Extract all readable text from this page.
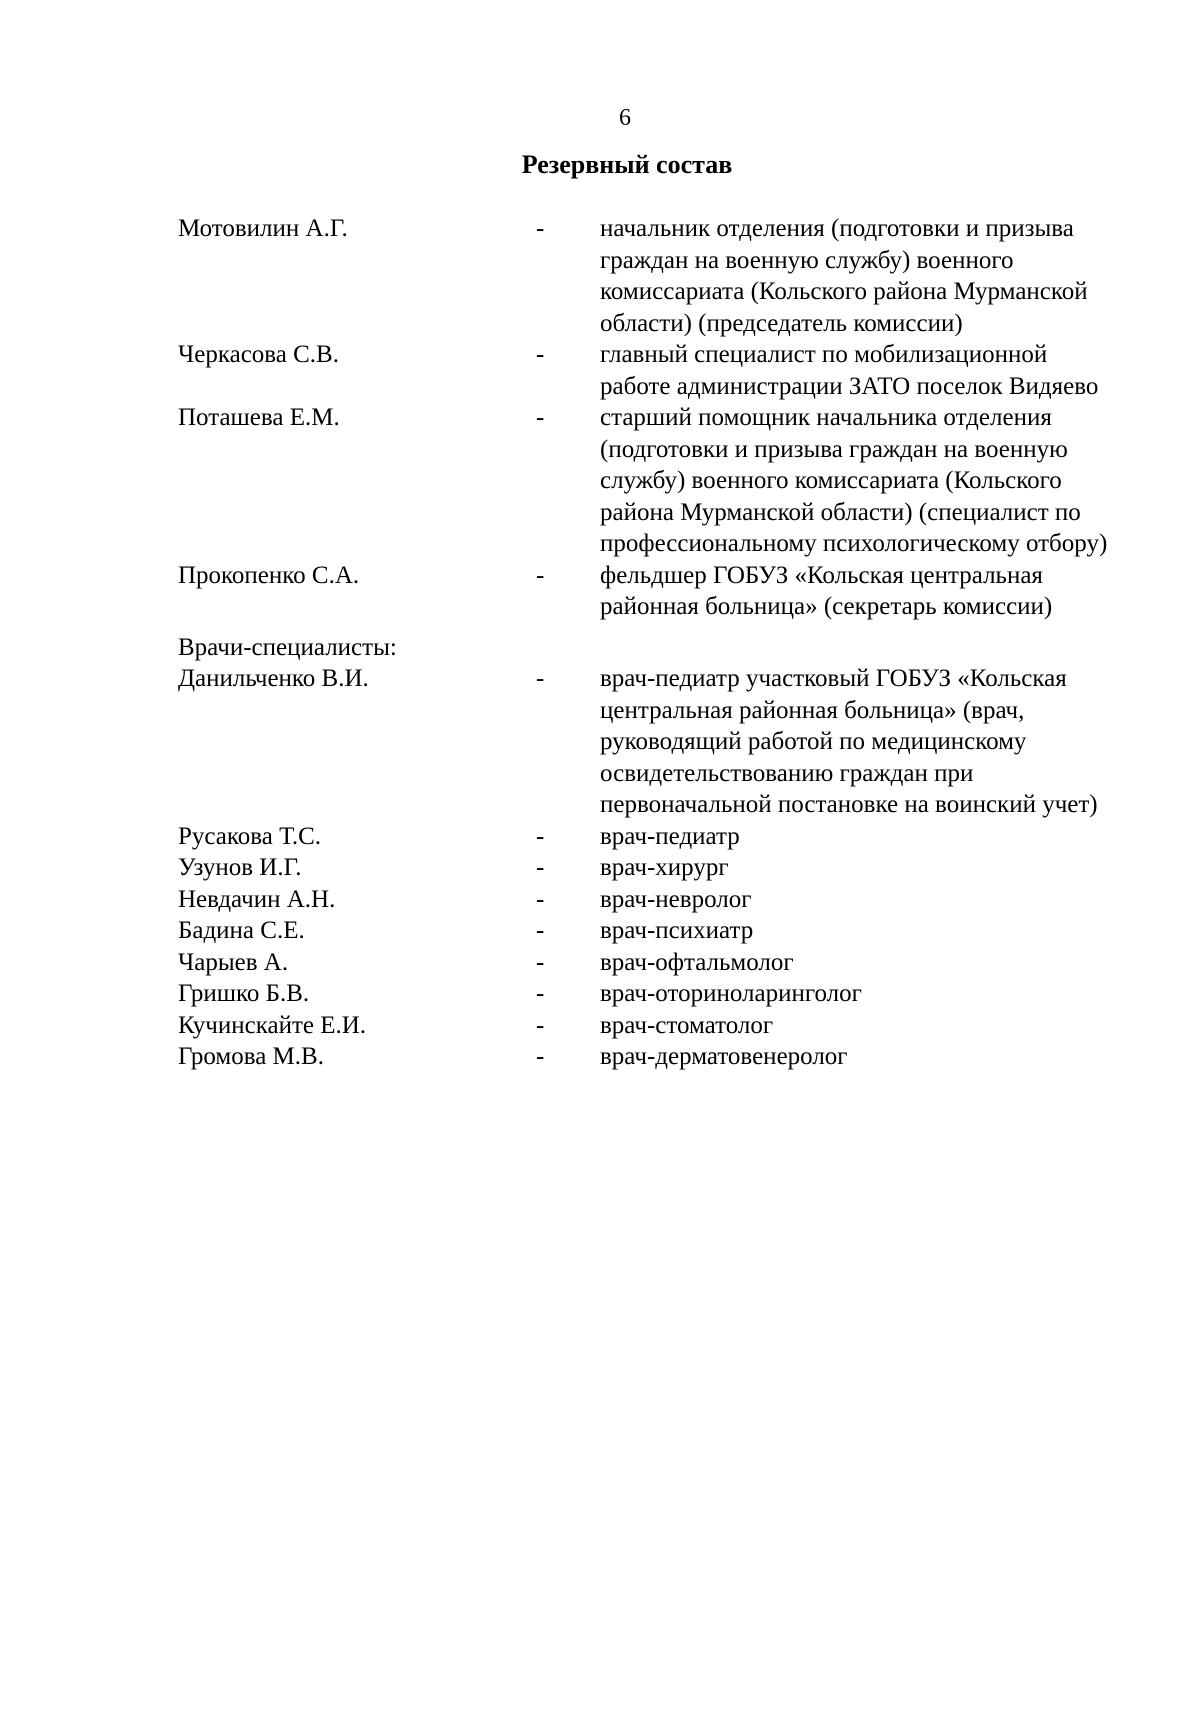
6
Резервный состав
Мотовилин А.Г.	-	начальник отделения (подготовки и призыва граждан на военную службу) военного комиссариата (Кольского района Мурманской области) (председатель комиссии)
Черкасова С.В.	-	главный специалист по мобилизационной работе администрации ЗАТО поселок Видяево
Поташева Е.М.	-	старший помощник начальника отделения (подготовки и призыва граждан на военную службу) военного комиссариата (Кольского района Мурманской области) (специалист по профессиональному психологическому отбору)
Прокопенко С.А.	-	фельдшер ГОБУЗ «Кольская центральная районная больница» (секретарь комиссии)
Врачи-специалисты:
Данильченко В.И.	-	врач-педиатр участковый ГОБУЗ «Кольская центральная районная больница» (врач, руководящий работой по медицинскому освидетельствованию граждан при первоначальной постановке на воинский учет)
Русакова Т.С.	-	врач-педиатр
Узунов И.Г.	-	врач-хирург
Невдачин А.Н.	-	врач-невролог
Бадина С.Е.	-	врач-психиатр
Чарыев А.	-	врач-офтальмолог
Гришко Б.В.	-	врач-оториноларинголог
Кучинскайте Е.И.	-	врач-стоматолог
Громова М.В.	-	врач-дерматовенеролог
